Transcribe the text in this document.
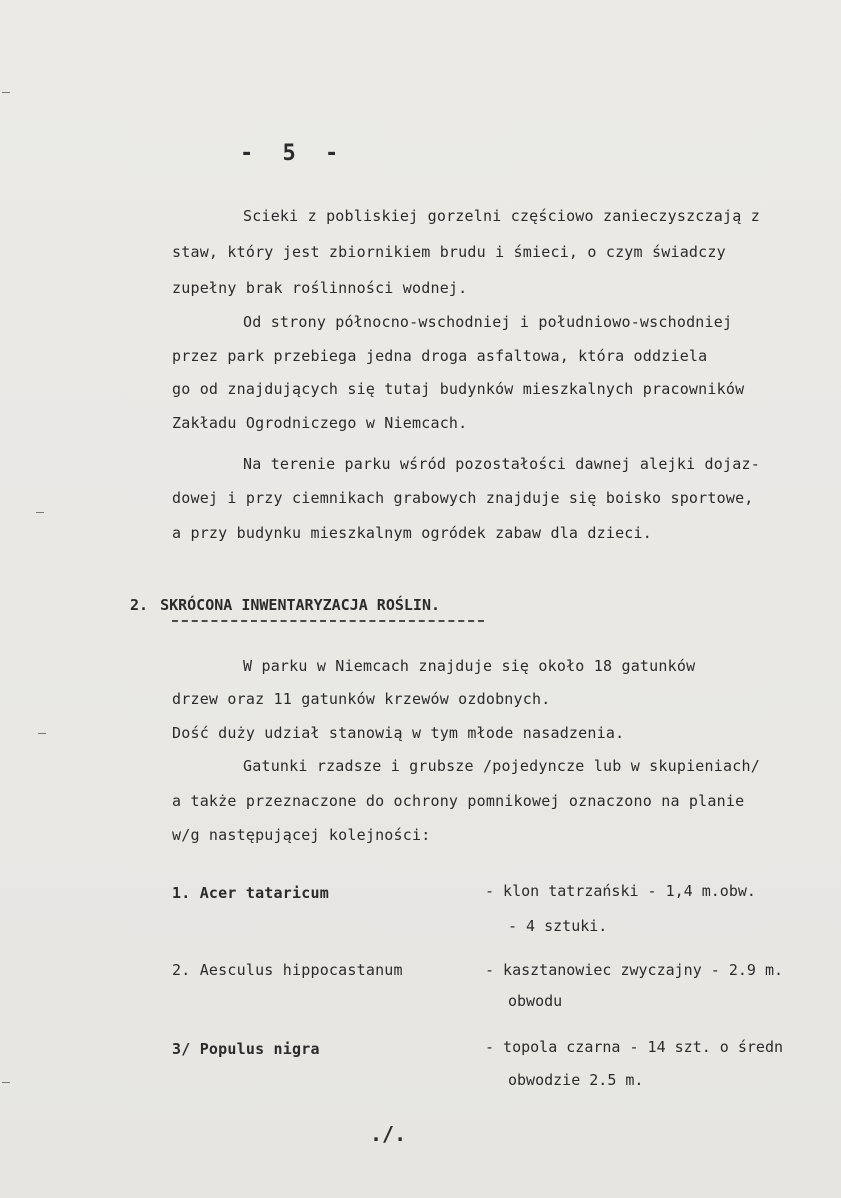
- 5 -
Scieki z pobliskiej gorzelni częściowo zanieczyszczają z
staw, który jest zbiornikiem brudu i śmieci, o czym świadczy
zupełny brak roślinności wodnej.
Od strony północno-wschodniej i południowo-wschodniej
przez park przebiega jedna droga asfaltowa, która oddziela
go od znajdujących się tutaj budynków mieszkalnych pracowników
Zakładu Ogrodniczego w Niemcach.
Na terenie parku wśród pozostałości dawnej alejki dojaz-
dowej i przy ciemnikach grabowych znajduje się boisko sportowe,
a przy budynku mieszkalnym ogródek zabaw dla dzieci.
2. SKRÓCONA INWENTARYZACJA ROŚLIN.
W parku w Niemcach znajduje się około 18 gatunków
drzew oraz 11 gatunków krzewów ozdobnych.
Dość duży udział stanowią w tym młode nasadzenia.
Gatunki rzadsze i grubsze /pojedyncze lub w skupieniach/
a także przeznaczone do ochrony pomnikowej oznaczono na planie
w/g następującej kolejności:
1. Acer tataricum	- klon tatrzański - 1,4 m.obw.
- 4 sztuki.
2. Aesculus hippocastanum	- kasztanowiec zwyczajny - 2.9 m.
obwodu
3/ Populus nigra	- topola czarna - 14 szt. o średn
obwodzie 2.5 m.
./.
